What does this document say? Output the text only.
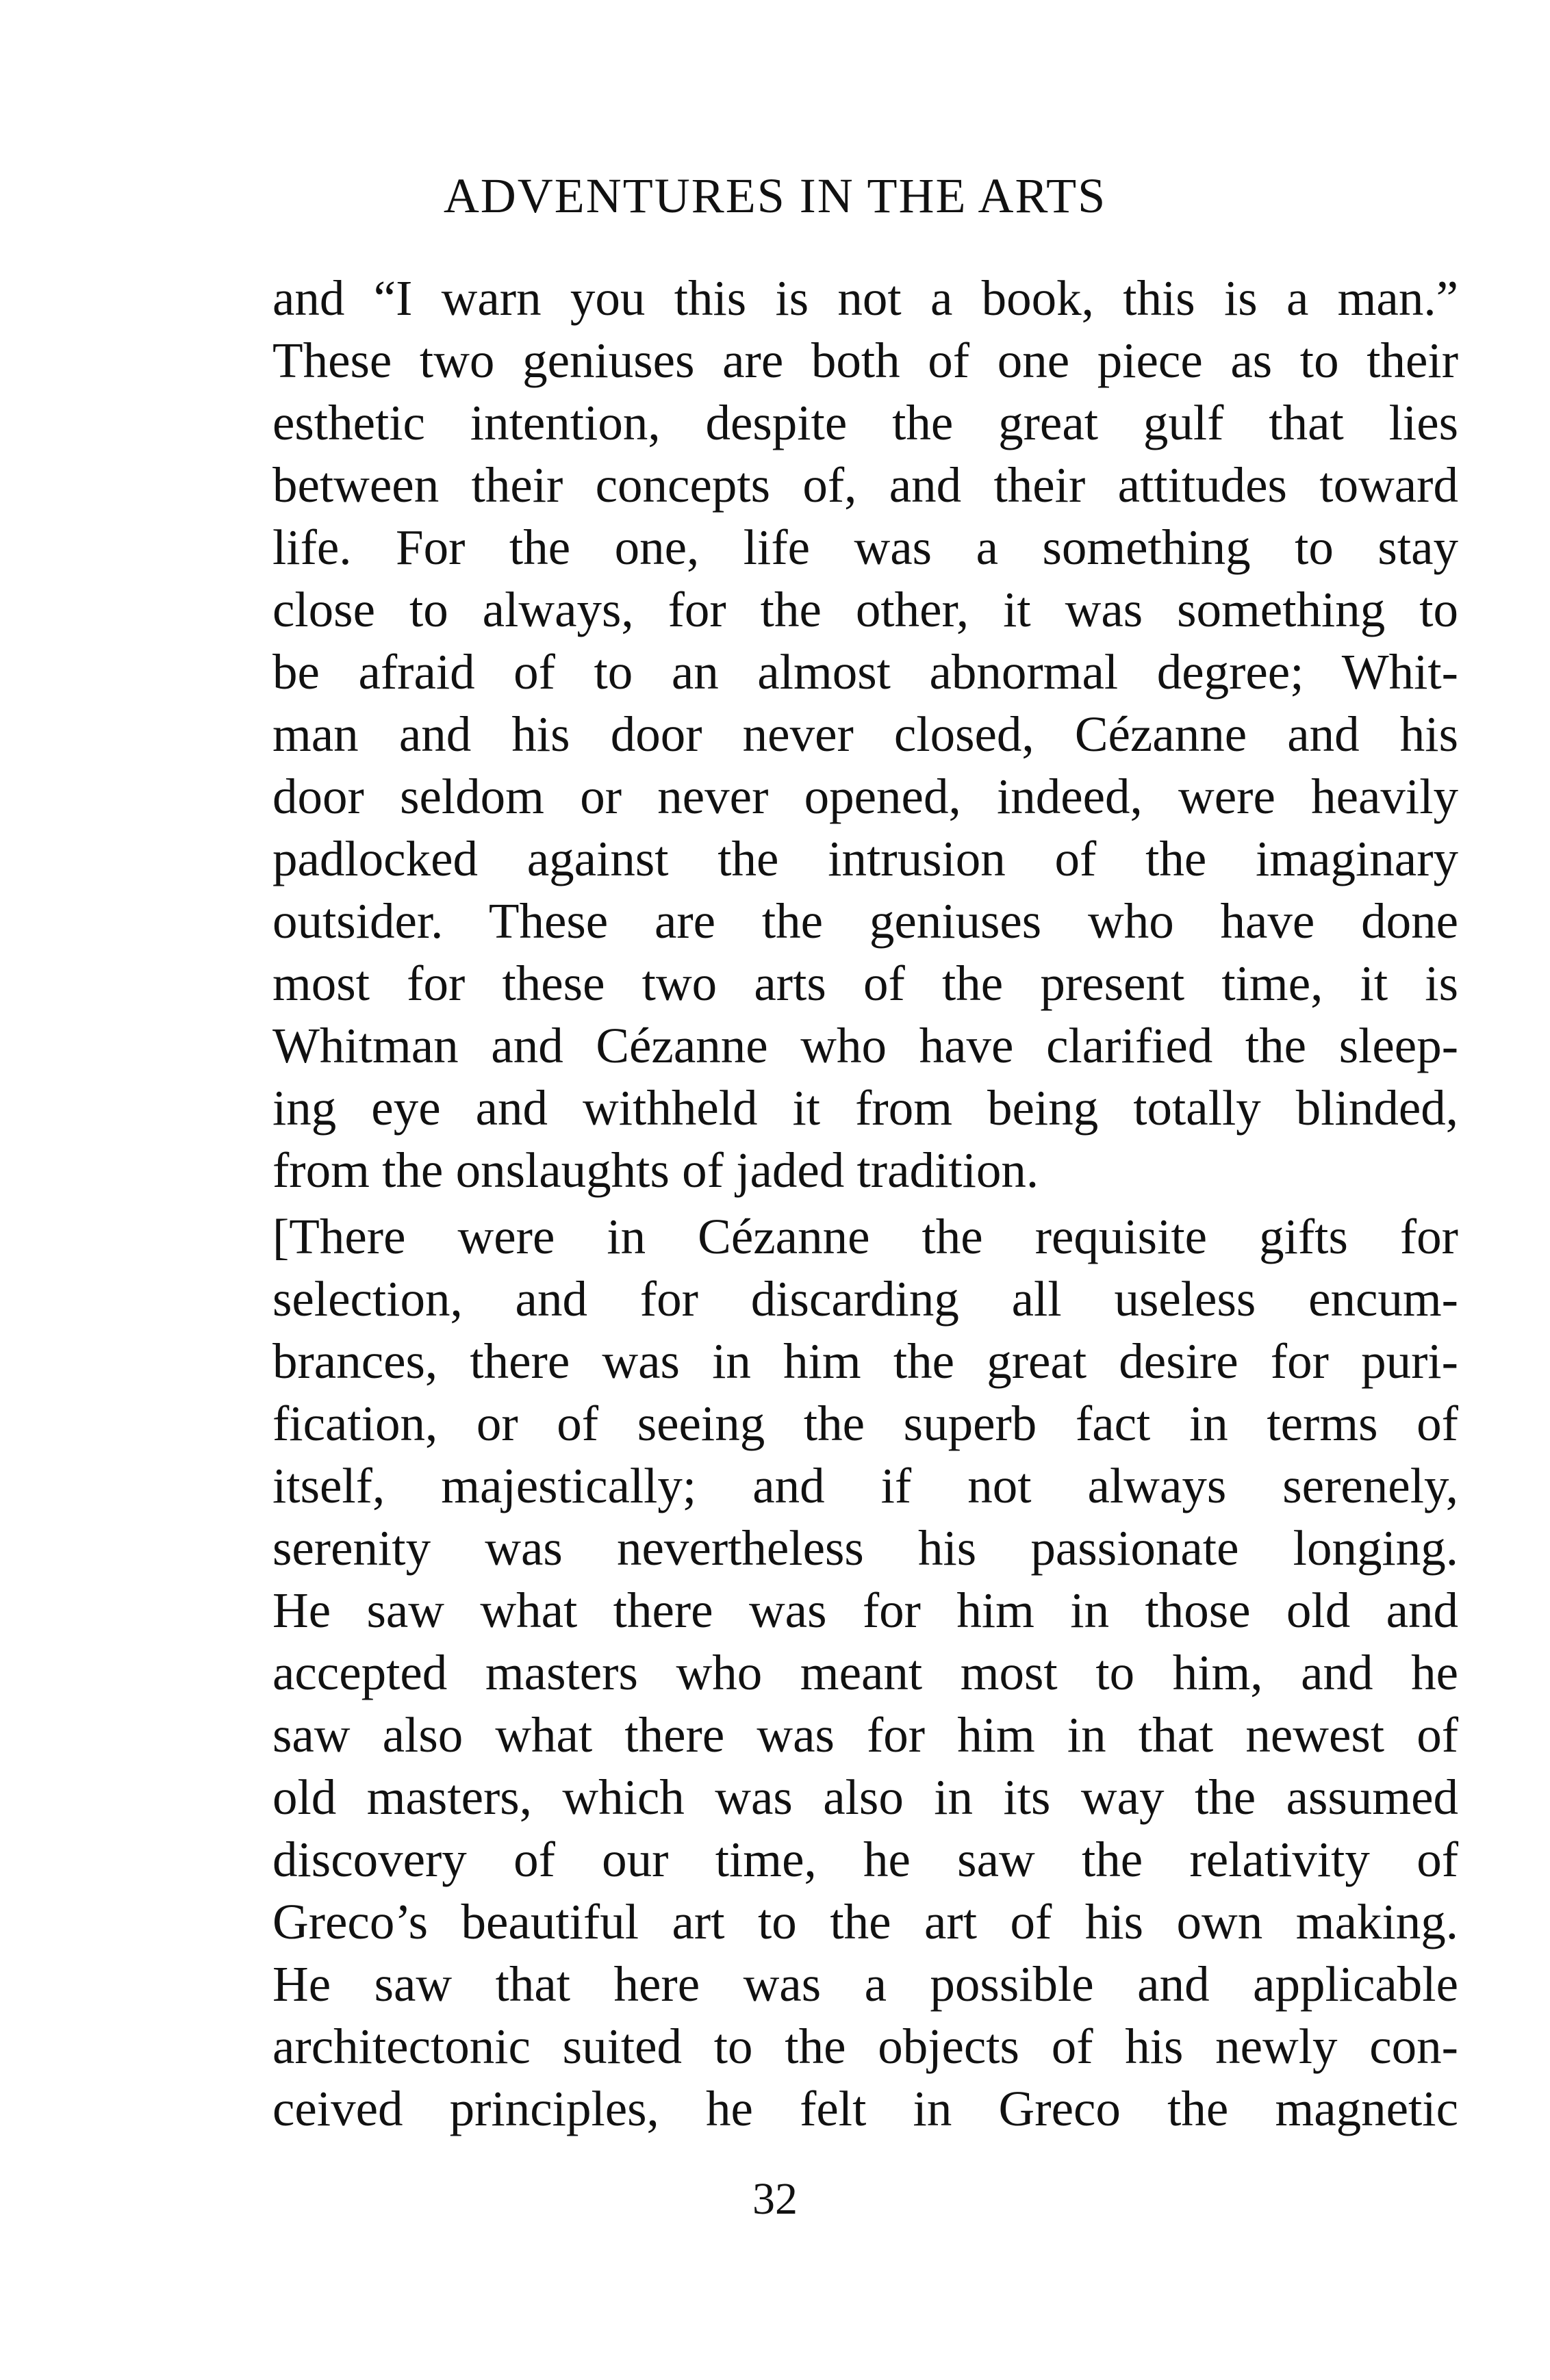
ADVENTURES IN THE ARTS
and “I warn you this is not a book, this is a man.”
These two geniuses are both of one piece as to their
esthetic intention, despite the great gulf that lies
between their concepts of, and their attitudes toward
life. For the one, life was a something to stay
close to always, for the other, it was something to
be afraid of to an almost abnormal degree; Whit-
man and his door never closed, Cézanne and his
door seldom or never opened, indeed, were heavily
padlocked against the intrusion of the imaginary
outsider. These are the geniuses who have done
most for these two arts of the present time, it is
Whitman and Cézanne who have clarified the sleep-
ing eye and withheld it from being totally blinded,
from the onslaughts of jaded tradition.
[There were in Cézanne the requisite gifts for
selection, and for discarding all useless encum-
brances, there was in him the great desire for puri-
fication, or of seeing the superb fact in terms of
itself, majestically; and if not always serenely,
serenity was nevertheless his passionate longing.
He saw what there was for him in those old and
accepted masters who meant most to him, and he
saw also what there was for him in that newest of
old masters, which was also in its way the assumed
discovery of our time, he saw the relativity of
Greco’s beautiful art to the art of his own making.
He saw that here was a possible and applicable
architectonic suited to the objects of his newly con-
ceived principles, he felt in Greco the magnetic
32
